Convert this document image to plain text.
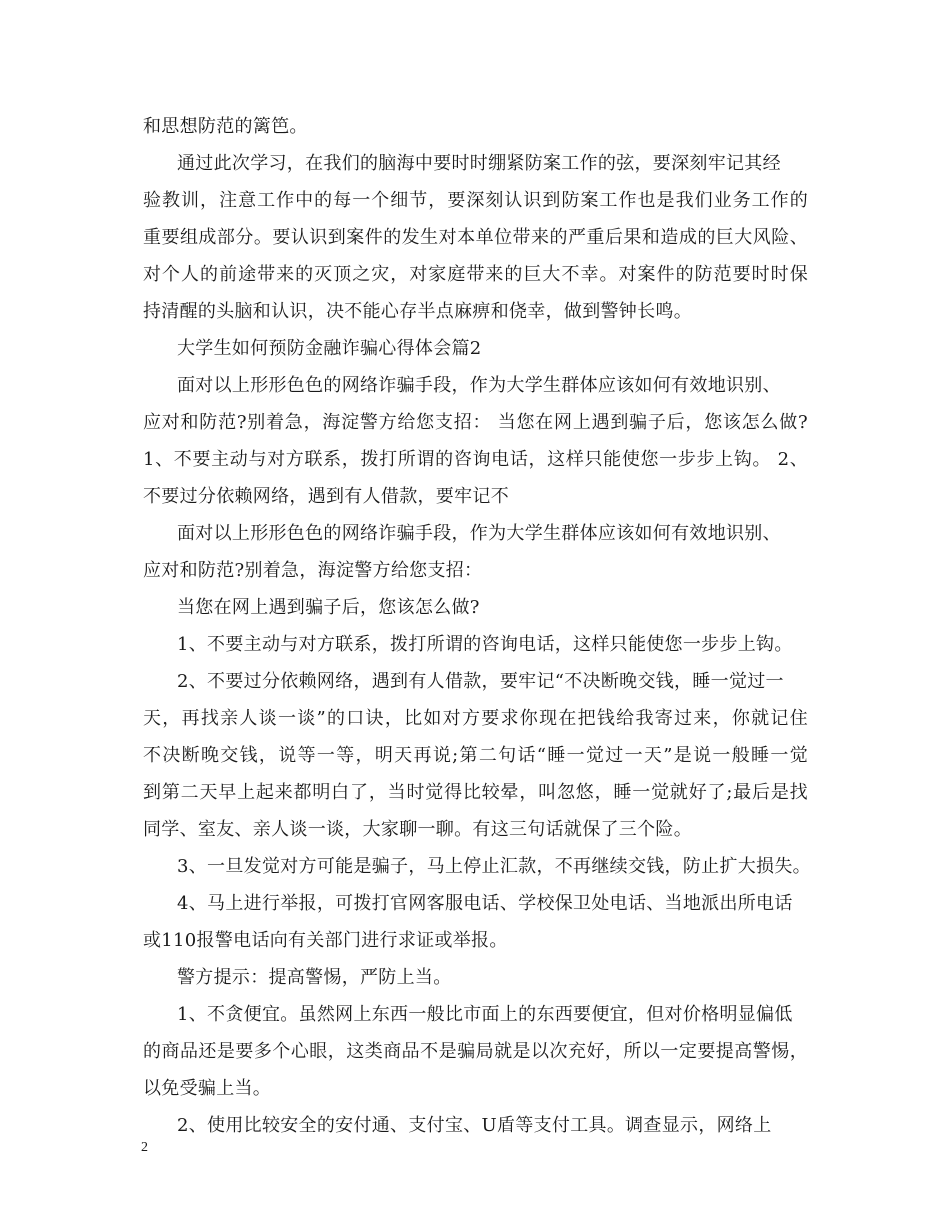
和思想防范的篱笆。
通过此次学习，在我们的脑海中要时时绷紧防案工作的弦，要深刻牢记其经
验教训，注意工作中的每一个细节，要深刻认识到防案工作也是我们业务工作的
重要组成部分。要认识到案件的发生对本单位带来的严重后果和造成的巨大风险、
对个人的前途带来的灭顶之灾，对家庭带来的巨大不幸。对案件的防范要时时保
持清醒的头脑和认识，决不能心存半点麻痹和侥幸，做到警钟长鸣。
大学生如何预防金融诈骗心得体会篇2
面对以上形形色色的网络诈骗手段，作为大学生群体应该如何有效地识别、
应对和防范?别着急，海淀警方给您支招： 当您在网上遇到骗子后，您该怎么做?
1、不要主动与对方联系，拨打所谓的咨询电话，这样只能使您一步步上钩。 2、
不要过分依赖网络，遇到有人借款，要牢记不
面对以上形形色色的网络诈骗手段，作为大学生群体应该如何有效地识别、
应对和防范?别着急，海淀警方给您支招：
当您在网上遇到骗子后，您该怎么做?
1、不要主动与对方联系，拨打所谓的咨询电话，这样只能使您一步步上钩。
2、不要过分依赖网络，遇到有人借款，要牢记“不决断晚交钱，睡一觉过一
天，再找亲人谈一谈”的口诀，比如对方要求你现在把钱给我寄过来，你就记住
不决断晚交钱，说等一等，明天再说;第二句话“睡一觉过一天”是说一般睡一觉
到第二天早上起来都明白了，当时觉得比较晕，叫忽悠，睡一觉就好了;最后是找
同学、室友、亲人谈一谈，大家聊一聊。有这三句话就保了三个险。
3、一旦发觉对方可能是骗子，马上停止汇款，不再继续交钱，防止扩大损失。
4、马上进行举报，可拨打官网客服电话、学校保卫处电话、当地派出所电话
或110报警电话向有关部门进行求证或举报。
警方提示：提高警惕，严防上当。
1、不贪便宜。虽然网上东西一般比市面上的东西要便宜，但对价格明显偏低
的商品还是要多个心眼，这类商品不是骗局就是以次充好，所以一定要提高警惕，
以免受骗上当。
2、使用比较安全的安付通、支付宝、U盾等支付工具。调查显示，网络上
2
